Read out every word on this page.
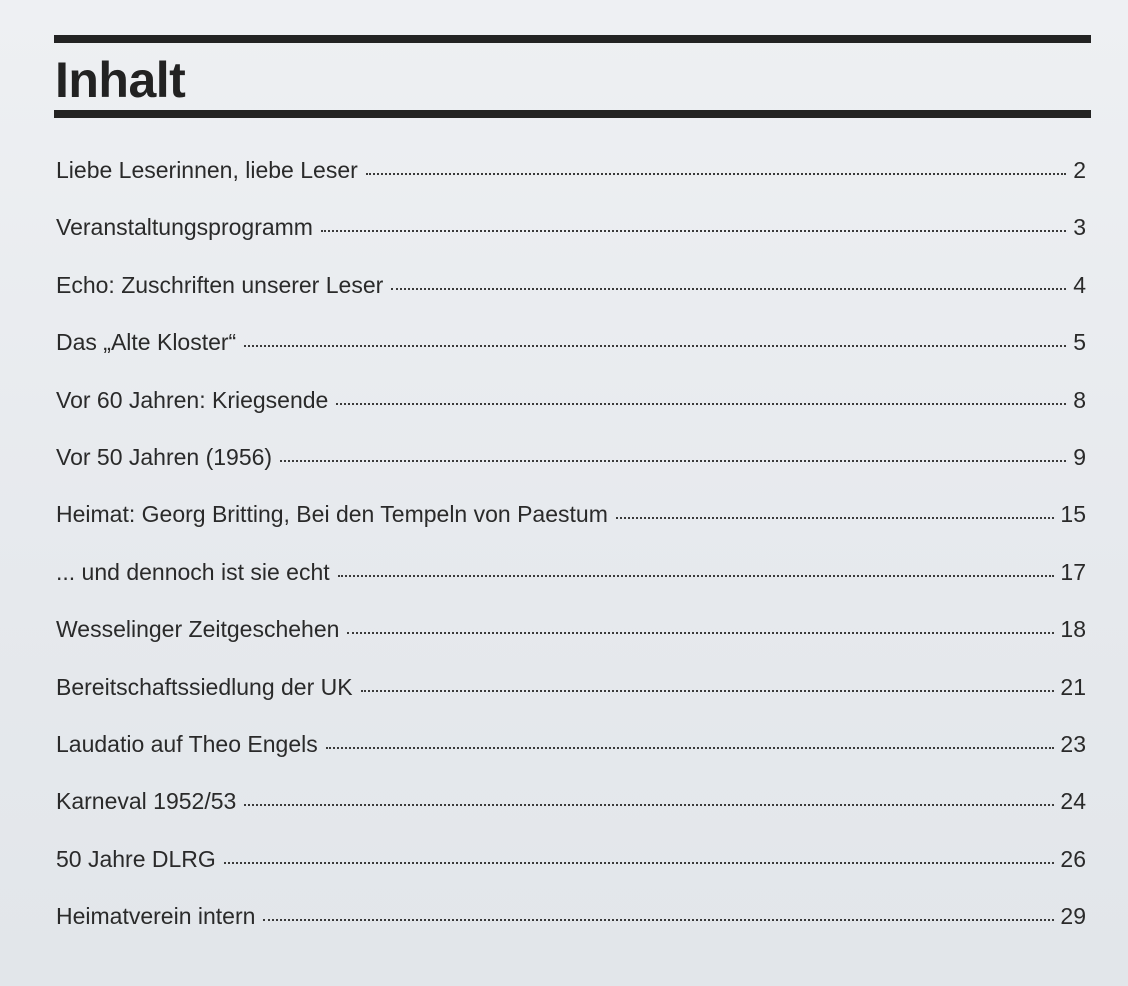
Inhalt
Liebe Leserinnen, liebe Leser	2
Veranstaltungsprogramm	3
Echo: Zuschriften unserer Leser	4
Das „Alte Kloster“	5
Vor 60 Jahren: Kriegsende	8
Vor 50 Jahren (1956)	9
Heimat: Georg Britting, Bei den Tempeln von Paestum	15
... und dennoch ist sie echt	17
Wesselinger Zeitgeschehen	18
Bereitschaftssiedlung der UK	21
Laudatio auf Theo Engels	23
Karneval 1952/53	24
50 Jahre DLRG	26
Heimatverein intern	29
